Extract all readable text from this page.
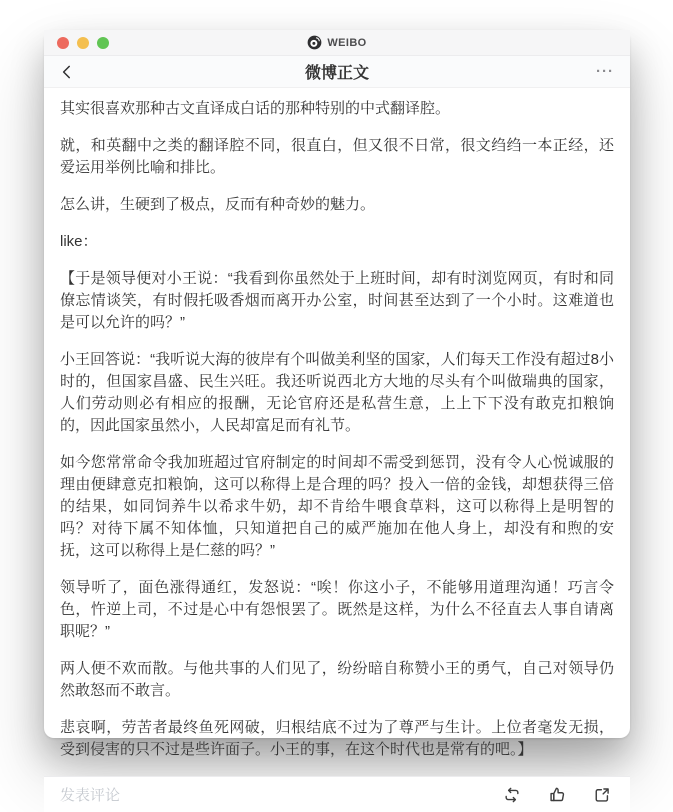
WEIBO
微博正文	···

其实很喜欢那种古文直译成白话的那种特别的中式翻译腔。

就，和英翻中之类的翻译腔不同，很直白，但又很不日常，很文绉绉一本正经，还爱运用举例比喻和排比。

怎么讲，生硬到了极点，反而有种奇妙的魅力。

like：

【于是领导便对小王说：“我看到你虽然处于上班时间，却有时浏览网页，有时和同僚忘情谈笑，有时假托吸香烟而离开办公室，时间甚至达到了一个小时。这难道也是可以允许的吗？”

小王回答说：“我听说大海的彼岸有个叫做美利坚的国家，人们每天工作没有超过8小时的，但国家昌盛、民生兴旺。我还听说西北方大地的尽头有个叫做瑞典的国家，人们劳动则必有相应的报酬，无论官府还是私营生意，上上下下没有敢克扣粮饷的，因此国家虽然小，人民却富足而有礼节。

如今您常常命令我加班超过官府制定的时间却不需受到惩罚，没有令人心悦诚服的理由便肆意克扣粮饷，这可以称得上是合理的吗？投入一倍的金钱，却想获得三倍的结果，如同饲养牛以希求牛奶，却不肯给牛喂食草料，这可以称得上是明智的吗？对待下属不知体恤，只知道把自己的威严施加在他人身上，却没有和煦的安抚，这可以称得上是仁慈的吗？”

领导听了，面色涨得通红，发怒说：“唉！你这小子，不能够用道理沟通！巧言令色，忤逆上司，不过是心中有怨恨罢了。既然是这样，为什么不径直去人事自请离职呢？”

两人便不欢而散。与他共事的人们见了，纷纷暗自称赞小王的勇气，自己对领导仍然敢怒而不敢言。

悲哀啊，劳苦者最终鱼死网破，归根结底不过为了尊严与生计。上位者毫发无损，受到侵害的只不过是些许面子。小王的事，在这个时代也是常有的吧。】

发表评论
